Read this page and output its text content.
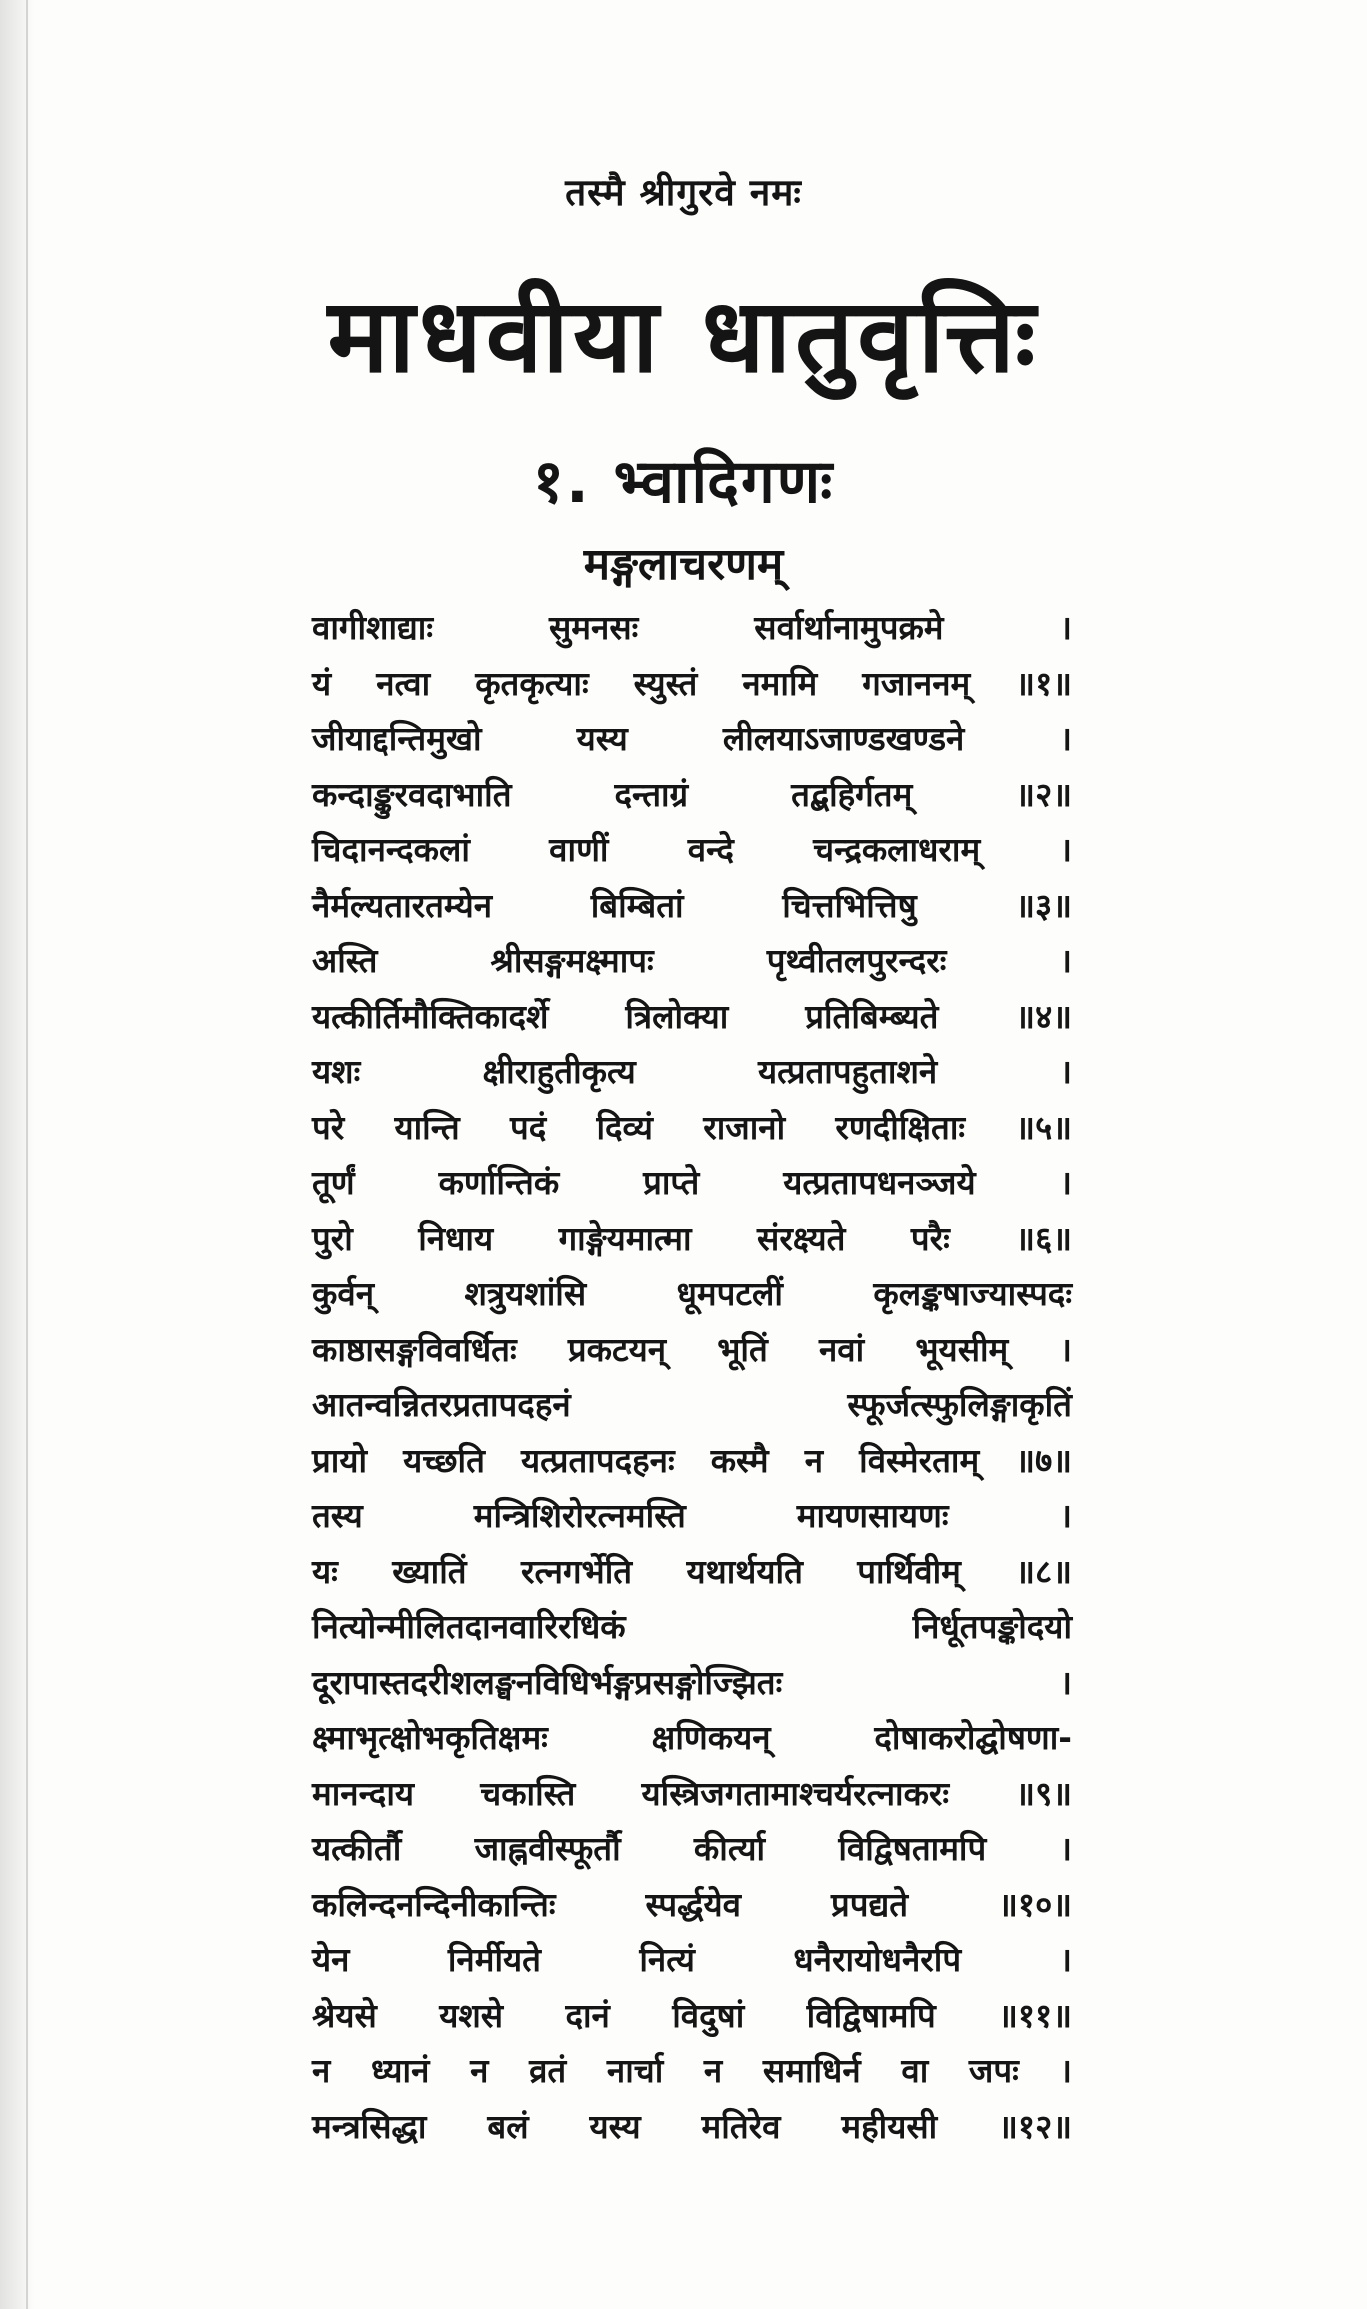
तस्मै श्रीगुरवे नमः
माधवीया धातुवृत्तिः
१. भ्वादिगणः
मङ्गलाचरणम्
वागीशाद्याः सुमनसः सर्वार्थानामुपक्रमे ।
यं नत्वा कृतकृत्याः स्युस्तं नमामि गजाननम् ॥१॥
जीयाद्दन्तिमुखो यस्य लीलयाऽजाण्डखण्डने ।
कन्दाङ्कुरवदाभाति दन्ताग्रं तद्बहिर्गतम् ॥२॥
चिदानन्दकलां वाणीं वन्दे चन्द्रकलाधराम् ।
नैर्मल्यतारतम्येन बिम्बितां चित्तभित्तिषु ॥३॥
अस्ति श्रीसङ्गमक्ष्मापः पृथ्वीतलपुरन्दरः ।
यत्कीर्तिमौक्तिकादर्शे त्रिलोक्या प्रतिबिम्ब्यते ॥४॥
यशः क्षीराहुतीकृत्य यत्प्रतापहुताशने ।
परे यान्ति पदं दिव्यं राजानो रणदीक्षिताः ॥५॥
तूर्णं कर्णान्तिकं प्राप्ते यत्प्रतापधनञ्जये ।
पुरो निधाय गाङ्गेयमात्मा संरक्ष्यते परैः ॥६॥
कुर्वन् शत्रुयशांसि धूमपटलीं कृलङ्कषाज्यास्पदः
काष्ठासङ्गविवर्धितः प्रकटयन् भूतिं नवां भूयसीम् ।
आतन्वन्नितरप्रतापदहनं स्फूर्जत्स्फुलिङ्गाकृतिं
प्रायो यच्छति यत्प्रतापदहनः कस्मै न विस्मेरताम् ॥७॥
तस्य मन्त्रिशिरोरत्नमस्ति मायणसायणः ।
यः ख्यातिं रत्नगर्भेति यथार्थयति पार्थिवीम् ॥८॥
नित्योन्मीलितदानवारिरधिकं निर्धूतपङ्कोदयो
दूरापास्तदरीशलङ्घनविधिर्भङ्गप्रसङ्गोज्झितः ।
क्ष्माभृत्क्षोभकृतिक्षमः क्षणिकयन् दोषाकरोद्घोषणा-
मानन्दाय चकास्ति यस्त्रिजगतामाश्चर्यरत्नाकरः ॥९॥
यत्कीर्तौ जाह्नवीस्फूर्तौ कीर्त्या विद्विषतामपि ।
कलिन्दनन्दिनीकान्तिः स्पर्द्धयेव प्रपद्यते ॥१०॥
येन निर्मीयते नित्यं धनैरायोधनैरपि ।
श्रेयसे यशसे दानं विदुषां विद्विषामपि ॥११॥
न ध्यानं न व्रतं नार्चा न समाधिर्न वा जपः ।
मन्त्रसिद्धा बलं यस्य मतिरेव महीयसी ॥१२॥
